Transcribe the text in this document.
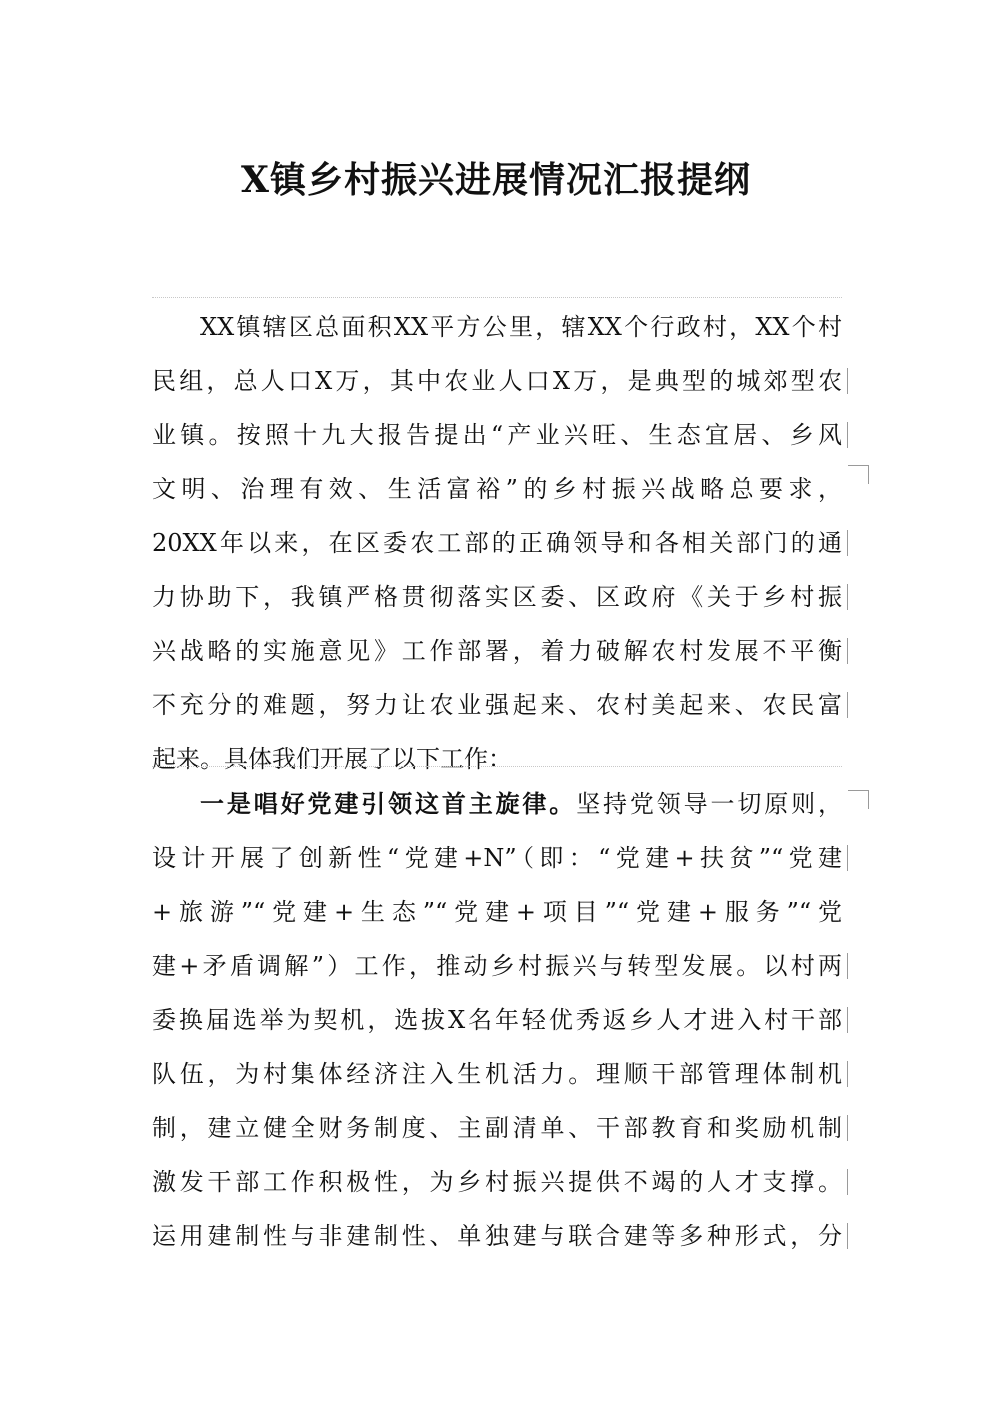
X镇乡村振兴进展情况汇报提纲
XX镇辖区总面积XX平方公里，辖XX个行政村，XX个村
民组，总人口X万，其中农业人口X万，是典型的城郊型农
业镇。按照十九大报告提出“产业兴旺、生态宜居、乡风
文明、治理有效、生活富裕”的乡村振兴战略总要求，
20XX年以来，在区委农工部的正确领导和各相关部门的通
力协助下，我镇严格贯彻落实区委、区政府《关于乡村振
兴战略的实施意见》工作部署，着力破解农村发展不平衡
不充分的难题，努力让农业强起来、农村美起来、农民富
起来。具体我们开展了以下工作：
一是唱好党建引领这首主旋律。坚持党领导一切原则，
设计开展了创新性“党建+N”（即：“党建+扶贫”“党建
+旅游”“党建+生态”“党建+项目”“党建+服务”“党
建+矛盾调解”）工作，推动乡村振兴与转型发展。以村两
委换届选举为契机，选拔X名年轻优秀返乡人才进入村干部
队伍，为村集体经济注入生机活力。理顺干部管理体制机
制，建立健全财务制度、主副清单、干部教育和奖励机制
激发干部工作积极性，为乡村振兴提供不竭的人才支撑。
运用建制性与非建制性、单独建与联合建等多种形式，分
